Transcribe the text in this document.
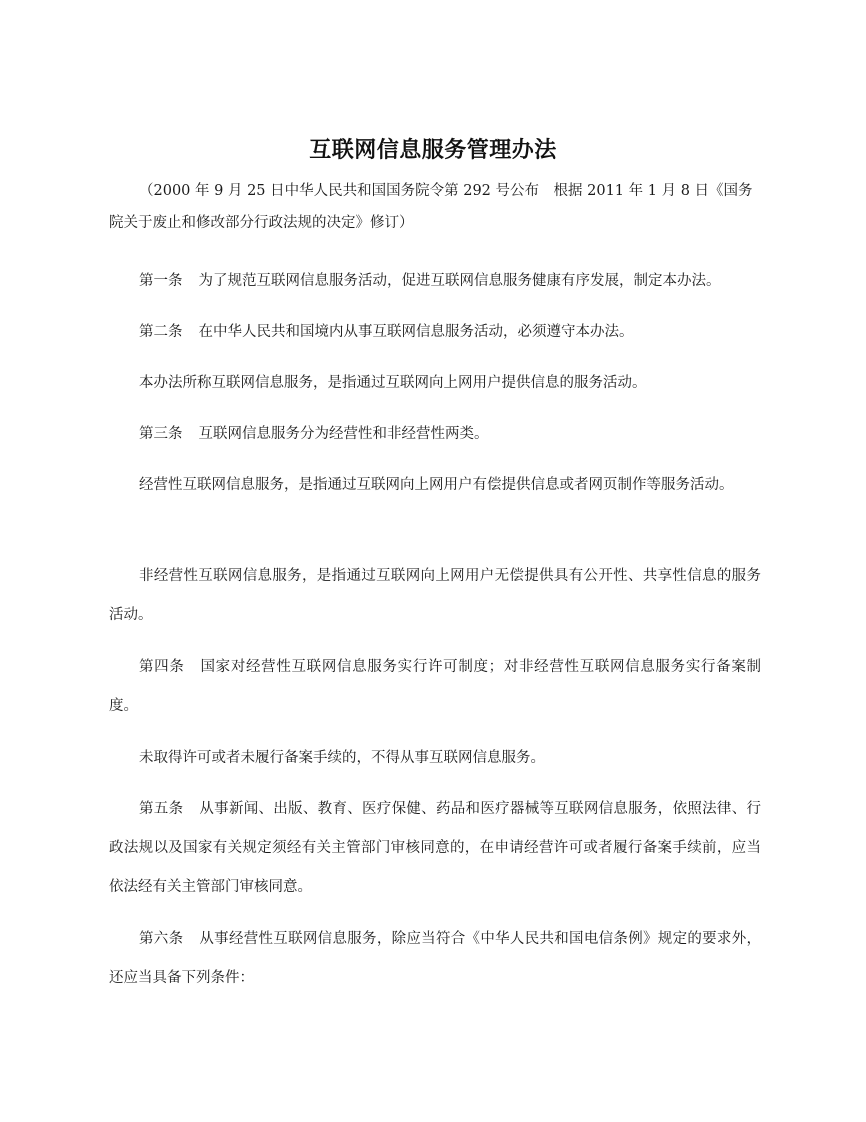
互联网信息服务管理办法

（2000 年 9 月 25 日中华人民共和国国务院令第 292 号公布　根据 2011 年 1 月 8 日《国务院关于废止和修改部分行政法规的决定》修订）

第一条 为了规范互联网信息服务活动，促进互联网信息服务健康有序发展，制定本办法。

第二条 在中华人民共和国境内从事互联网信息服务活动，必须遵守本办法。

本办法所称互联网信息服务，是指通过互联网向上网用户提供信息的服务活动。

第三条 互联网信息服务分为经营性和非经营性两类。

经营性互联网信息服务，是指通过互联网向上网用户有偿提供信息或者网页制作等服务活动。

非经营性互联网信息服务，是指通过互联网向上网用户无偿提供具有公开性、共享性信息的服务活动。

第四条 国家对经营性互联网信息服务实行许可制度；对非经营性互联网信息服务实行备案制度。

未取得许可或者未履行备案手续的，不得从事互联网信息服务。

第五条 从事新闻、出版、教育、医疗保健、药品和医疗器械等互联网信息服务，依照法律、行政法规以及国家有关规定须经有关主管部门审核同意的，在申请经营许可或者履行备案手续前，应当依法经有关主管部门审核同意。

第六条 从事经营性互联网信息服务，除应当符合《中华人民共和国电信条例》规定的要求外，还应当具备下列条件：
